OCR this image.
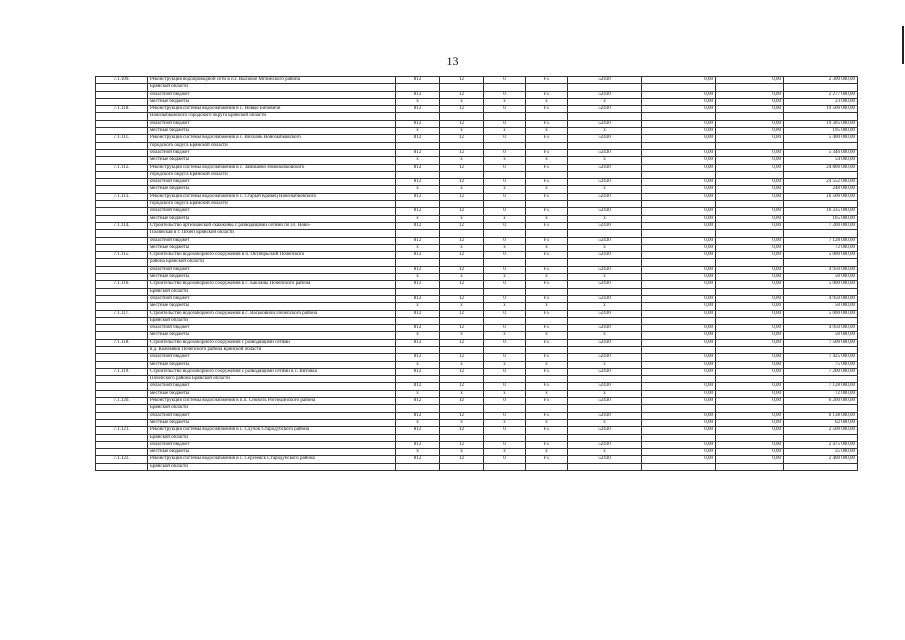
13
7.1.109.	Реконструкция водопроводной сети в п.г. Высокое Мглинского района	812	12	0	F5	52430	0,00	0,00	2 300 000,00
	Брянской области								
	областной бюджет	812	12	0	F5	52430	0,00	0,00	2 277 000,00
	местные бюджеты	x	x	x	x	x	0,00	0,00	23 000,00
7.1.110.	Реконструкция системы водоснабжения в с. Новые Бобовичи	812	12	0	F5	52430	0,00	0,00	19 500 000,00
	Новозыбковского городского округа Брянской области								
	областной бюджет	812	12	0	F5	52430	0,00	0,00	19 305 000,00
	местные бюджеты	x	x	x	x	x	0,00	0,00	195 000,00
7.1.111.	Реконструкция системы водоснабжения в с. Вихоань Новозыбковского	812	12	0	F5	52430	0,00	0,00	5 400 000,00
	городского округа Брянской области								
	областной бюджет	812	12	0	F5	52430	0,00	0,00	5 346 000,00
	местные бюджеты	x	x	x	x	x	0,00	0,00	54 000,00
7.1.112.	Реконструкция системы водоснабжения в с. Замишево Новозыбковского	812	12	0	F5	52430	0,00	0,00	24 800 000,00
	городского округа Брянской области								
	областной бюджет	812	12	0	F5	52430	0,00	0,00	24 552 000,00
	местные бюджеты	x	x	x	x	x	0,00	0,00	248 000,00
7.1.113.	Реконструкция системы водоснабжения в с. Старый Кривец Новозыбковского	812	12	0	F5	52430	0,00	0,00	16 500 000,00
	городского округа Брянской области								
	областной бюджет	812	12	0	F5	52430	0,00	0,00	16 335 000,00
	местные бюджеты	x	x	x	x	x	0,00	0,00	165 000,00
7.1.114.	Строительство артезианской скважины с разводящими сетями по ул. Ново-	812	12	0	F5	52430	0,00	0,00	7 200 000,00
	Полянская в г. Почеп Брянской области								
	областной бюджет	812	12	0	F5	52430	0,00	0,00	7 128 000,00
	местные бюджеты	x	x	x	x	x	0,00	0,00	72 000,00
7.1.115.	Строительство водозаборного сооружения в п. Октябрьский Почепского	812	12	0	F5	52430	0,00	0,00	5 000 000,00
	района Брянской области								
	областной бюджет	812	12	0	F5	52430	0,00	0,00	4 950 000,00
	местные бюджеты	x	x	x	x	x	0,00	0,00	50 000,00
7.1.116.	Строительство водозаборного сооружения в с. Бакланы Почепского района	812	12	0	F5	52430	0,00	0,00	5 000 000,00
	Брянской области								
	областной бюджет	812	12	0	F5	52430	0,00	0,00	4 950 000,00
	местные бюджеты	x	x	x	x	x	0,00	0,00	50 000,00
7.1.117.	Строительство водозаборного сооружения в с. Васьковичи Почепского района	812	12	0	F5	52430	0,00	0,00	5 000 000,00
	Брянской области								
	областной бюджет	812	12	0	F5	52430	0,00	0,00	4 950 000,00
	местные бюджеты	x	x	x	x	x	0,00	0,00	50 000,00
7.1.118.	Строительство водозаборного сооружения с разводящими сетями	812	12	0	F5	52430	0,00	0,00	7 500 000,00
	в д. Кожемяки Почепского района Брянской области								
	областной бюджет	812	12	0	F5	52430	0,00	0,00	7 425 000,00
	местные бюджеты	x	x	x	x	x	0,00	0,00	75 000,00
7.1.119.	Строительство водозаборного сооружения с разводящими сетями в с. Витовка	812	12	0	F5	52430	0,00	0,00	7 200 000,00
	Почепского района Брянской области								
	областной бюджет	812	12	0	F5	52430	0,00	0,00	7 128 000,00
	местные бюджеты	x	x	x	x	x	0,00	0,00	72 000,00
7.1.120.	Реконструкция системы водоснабжения в п.п. Сновоть Рогнединского района	812	12	0	F5	52430	0,00	0,00	6 200 000,00
	Брянской области								
	областной бюджет	812	12	0	F5	52430	0,00	0,00	6 138 000,00
	местные бюджеты	x	x	x	x	x	0,00	0,00	62 000,00
7.1.121.	Реконструкция системы водоснабжения в с. Случок Стародубского района	812	12	0	F5	52430	0,00	0,00	2 500 000,00
	Брянской области								
	областной бюджет	812	12	0	F5	52430	0,00	0,00	2 475 000,00
	местные бюджеты	x	x	x	x	x	0,00	0,00	25 000,00
7.1.122.	Реконструкция системы водоснабжения в с. Сергеевск Стародубского района	812	12	0	F5	52430	0,00	0,00	2 400 000,00
	Брянской области								
